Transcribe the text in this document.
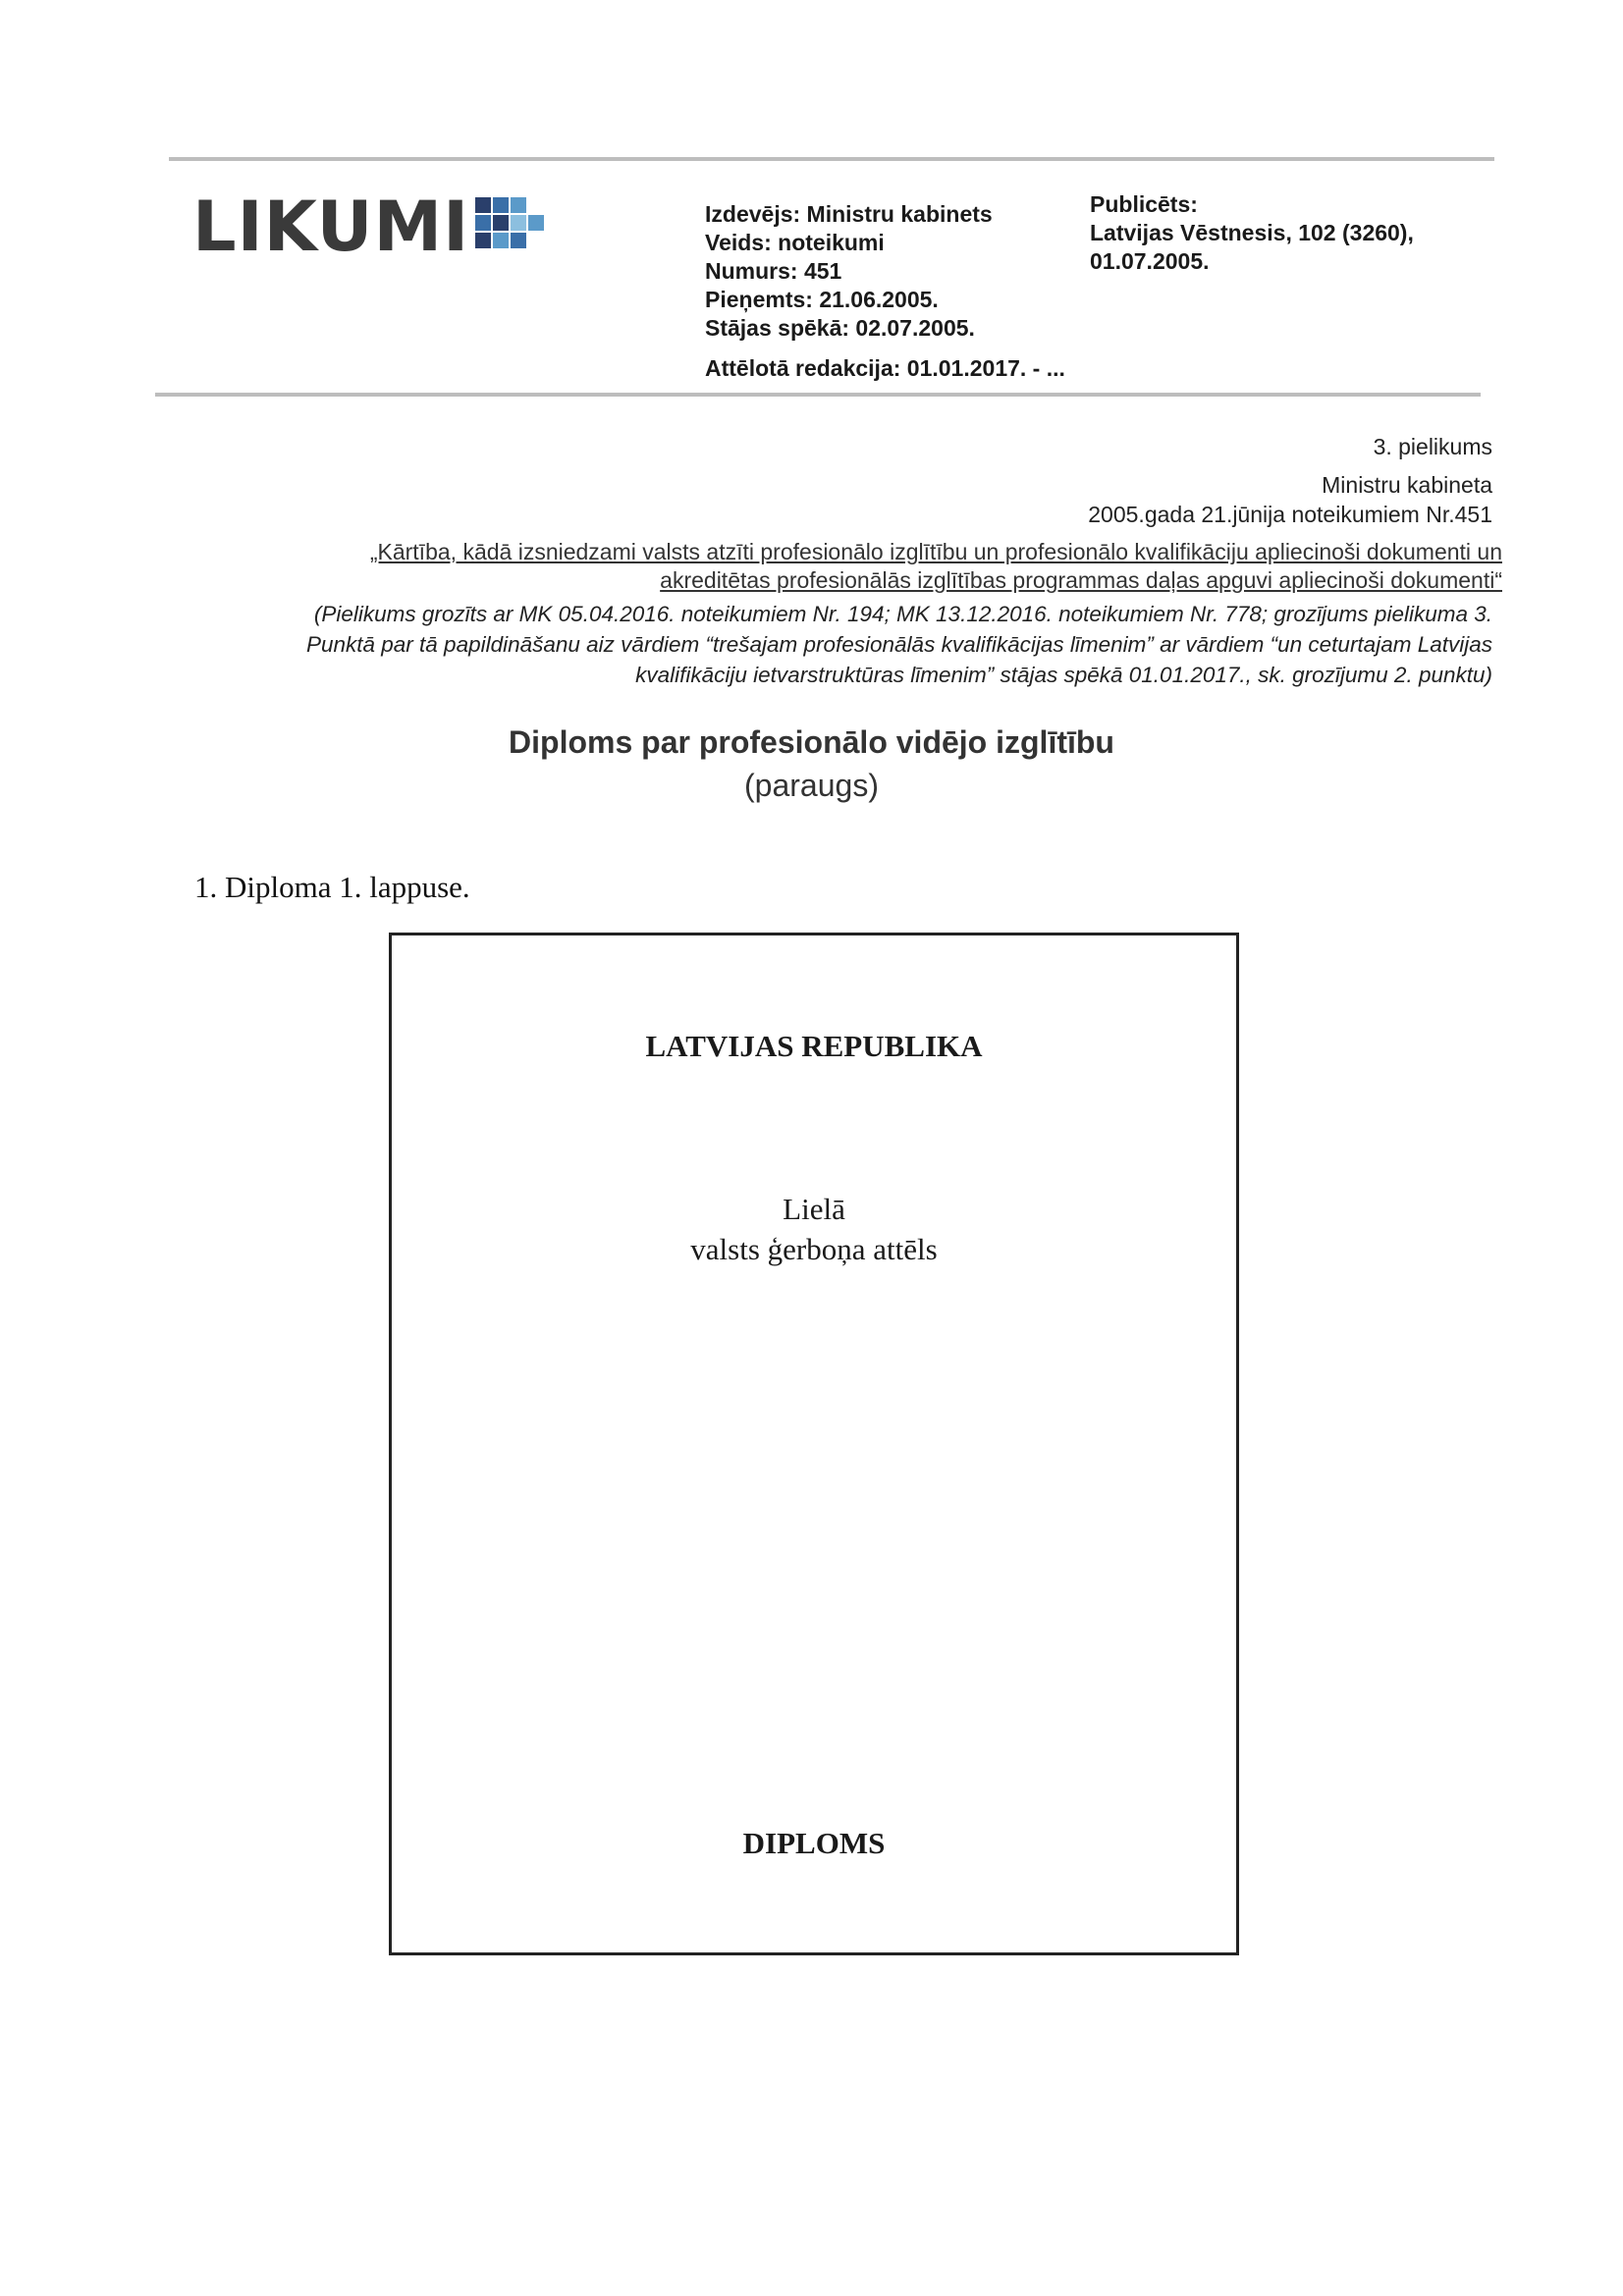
LIKUMI	Izdevējs: Ministru kabinets
Veids: noteikumi
Numurs: 451
Pieņemts: 21.06.2005.
Stājas spēkā: 02.07.2005.
Attēlotā redakcija: 01.01.2017. - ...
Publicēts:
Latvijas Vēstnesis, 102 (3260),
01.07.2005.
3. pielikums
Ministru kabineta
2005.gada 21.jūnija noteikumiem Nr.451
„Kārtība, kādā izsniedzami valsts atzīti profesionālo izglītību un profesionālo kvalifikāciju apliecinoši dokumenti un
akreditētas profesionālās izglītības programmas daļas apguvi apliecinoši dokumenti“
(Pielikums grozīts ar MK 05.04.2016. noteikumiem Nr. 194; MK 13.12.2016. noteikumiem Nr. 778; grozījums pielikuma 3.
Punktā par tā papildināšanu aiz vārdiem “trešajam profesionālās kvalifikācijas līmenim” ar vārdiem “un ceturtajam Latvijas
kvalifikāciju ietvarstruktūras līmenim” stājas spēkā 01.01.2017., sk. grozījumu 2. punktu)
Diploms par profesionālo vidējo izglītību
(paraugs)
1. Diploma 1. lappuse.
LATVIJAS REPUBLIKA
Lielā
valsts ģerboņa attēls
DIPLOMS
